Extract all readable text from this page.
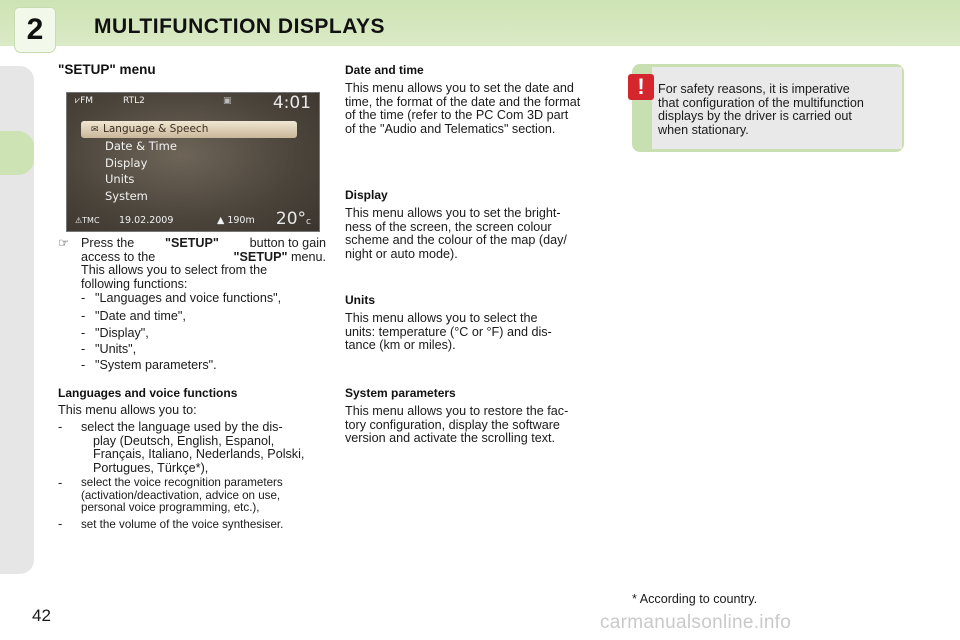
2	MULTIFUNCTION DISPLAYS
"SETUP" menu
⩗FM	RTL2	▣ 4:01
✉ Language & Speech
Date & Time
Display
Units
System
⚠TMC 19.02.2009	▲ 190m 20°c
☞ Press the "SETUP" button to gain
access to the	"SETUP" menu.
This allows you to select from the
following functions:
- "Languages and voice functions",
- "Date and time",
- "Display",
- "Units",
- "System parameters".
Languages and voice functions
This menu allows you to:
- select the language used by the dis-
play (Deutsch, English, Espanol,
Français, Italiano, Nederlands, Polski,
Portugues, Türkçe*),
- select the voice recognition parameters
(activation/deactivation, advice on use,
personal voice programming, etc.),
- set the volume of the voice synthesiser.
Date and time
This menu allows you to set the date and
time, the format of the date and the format
of the time (refer to the PC Com 3D part
of the "Audio and Telematics" section.
Display
This menu allows you to set the bright-
ness of the screen, the screen colour
scheme and the colour of the map (day/
night or auto mode).
Units
This menu allows you to select the
units: temperature (°C or °F) and dis-
tance (km or miles).
System parameters
This menu allows you to restore the fac-
tory configuration, display the software
version and activate the scrolling text.
!	For safety reasons, it is imperative
that configuration of the multifunction
displays by the driver is carried out
when stationary.
* According to country.
42	carmanualsonline.info
